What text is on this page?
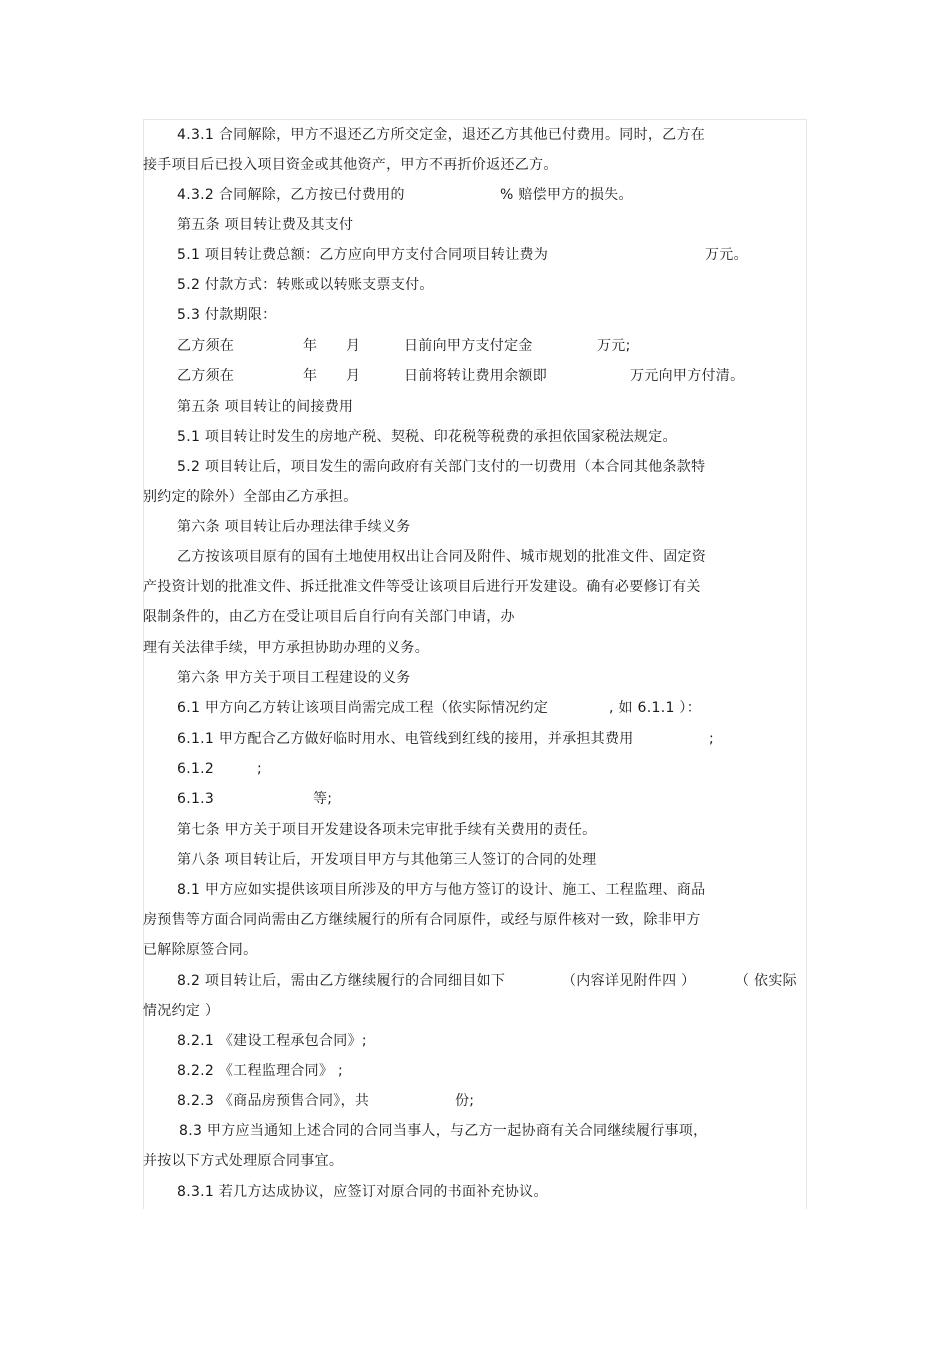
4.3.1 合同解除，甲方不退还乙方所交定金，退还乙方其他已付费用。同时，乙方在
接手项目后已投入项目资金或其他资产，甲方不再折价返还乙方。
4.3.2 合同解除，乙方按已付费用的	% 赔偿甲方的损失。
第五条 项目转让费及其支付
5.1 项目转让费总额：乙方应向甲方支付合同项目转让费为	万元。
5.2 付款方式：转账或以转账支票支付。
5.3 付款期限：
乙方须在	年 月	日前向甲方支付定金	万元;
乙方须在	年 月	日前将转让费用余额即	万元向甲方付清。
第五条 项目转让的间接费用
5.1 项目转让时发生的房地产税、契税、印花税等税费的承担依国家税法规定。
5.2 项目转让后，项目发生的需向政府有关部门支付的一切费用（本合同其他条款特
别约定的除外）全部由乙方承担。
第六条 项目转让后办理法律手续义务
乙方按该项目原有的国有土地使用权出让合同及附件、城市规划的批准文件、固定资
产投资计划的批准文件、拆迁批准文件等受让该项目后进行开发建设。确有必要修订有关
限制条件的，由乙方在受让项目后自行向有关部门申请，办
理有关法律手续，甲方承担协助办理的义务。
第六条 甲方关于项目工程建设的义务
6.1 甲方向乙方转让该项目尚需完成工程（依实际情况约定	, 如 6.1.1 ）：
6.1.1 甲方配合乙方做好临时用水、电管线到红线的接用，并承担其费用	;
6.1.2	;
6.1.3	等;
第七条 甲方关于项目开发建设各项未完审批手续有关费用的责任。
第八条 项目转让后，开发项目甲方与其他第三人签订的合同的处理
8.1 甲方应如实提供该项目所涉及的甲方与他方签订的设计、施工、工程监理、商品
房预售等方面合同尚需由乙方继续履行的所有合同原件，或经与原件核对一致，除非甲方
已解除原签合同。
8.2 项目转让后，需由乙方继续履行的合同细目如下	（内容详见附件四 ）	（ 依实际
情况约定 ）
8.2.1 《建设工程承包合同》;
8.2.2 《工程监理合同》 ;
8.2.3 《商品房预售合同》，共	份;
8.3 甲方应当通知上述合同的合同当事人，与乙方一起协商有关合同继续履行事项，
并按以下方式处理原合同事宜。
8.3.1 若几方达成协议，应签订对原合同的书面补充协议。
